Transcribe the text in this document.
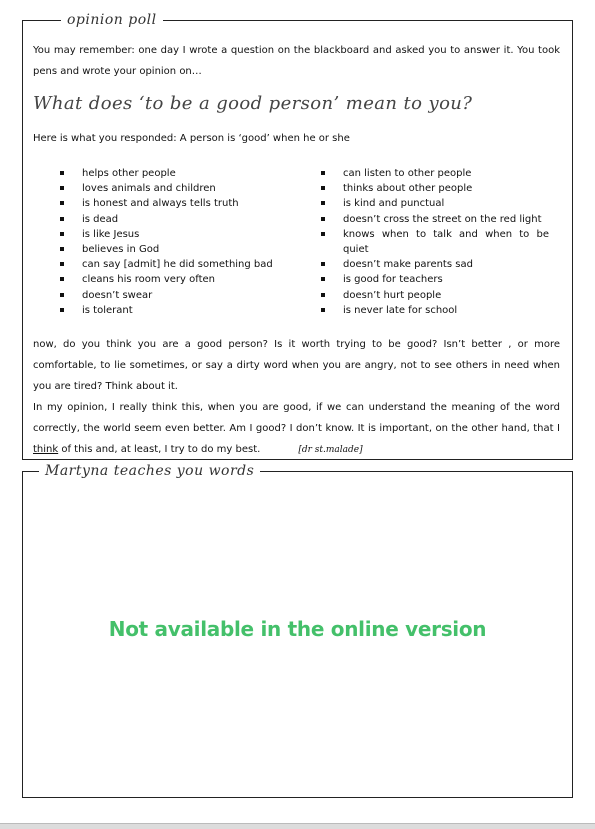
opinion poll
You may remember: one day I wrote a question on the blackboard and asked you to answer it. You took pens and wrote your opinion on…
What does ‘to be a good person’ mean to you?
Here is what you responded: A person is ‘good’ when he or she
helps other people
loves animals and children
is honest and always tells truth
is dead
is like Jesus
believes in God
can say [admit] he did something bad
cleans his room very often
doesn’t swear
is tolerant
can listen to other people
thinks about other people
is kind and punctual
doesn’t cross the street on the red light
knows when to talk and when to be quiet
doesn’t make parents sad
is good for teachers
doesn’t hurt people
is never late for school
now, do you think you are a good person? Is it worth trying to be good? Isn’t better , or more comfortable, to lie sometimes, or say a dirty word when you are angry, not to see others in need when you are tired? Think about it.
In my opinion, I really think this, when you are good, if we can understand the meaning of the word correctly, the world seem even better. Am I good? I don’t know. It is important, on the other hand, that I think of this and, at least, I try to do my best.	[dr st.malade]
Martyna teaches you words
Not available in the online version
